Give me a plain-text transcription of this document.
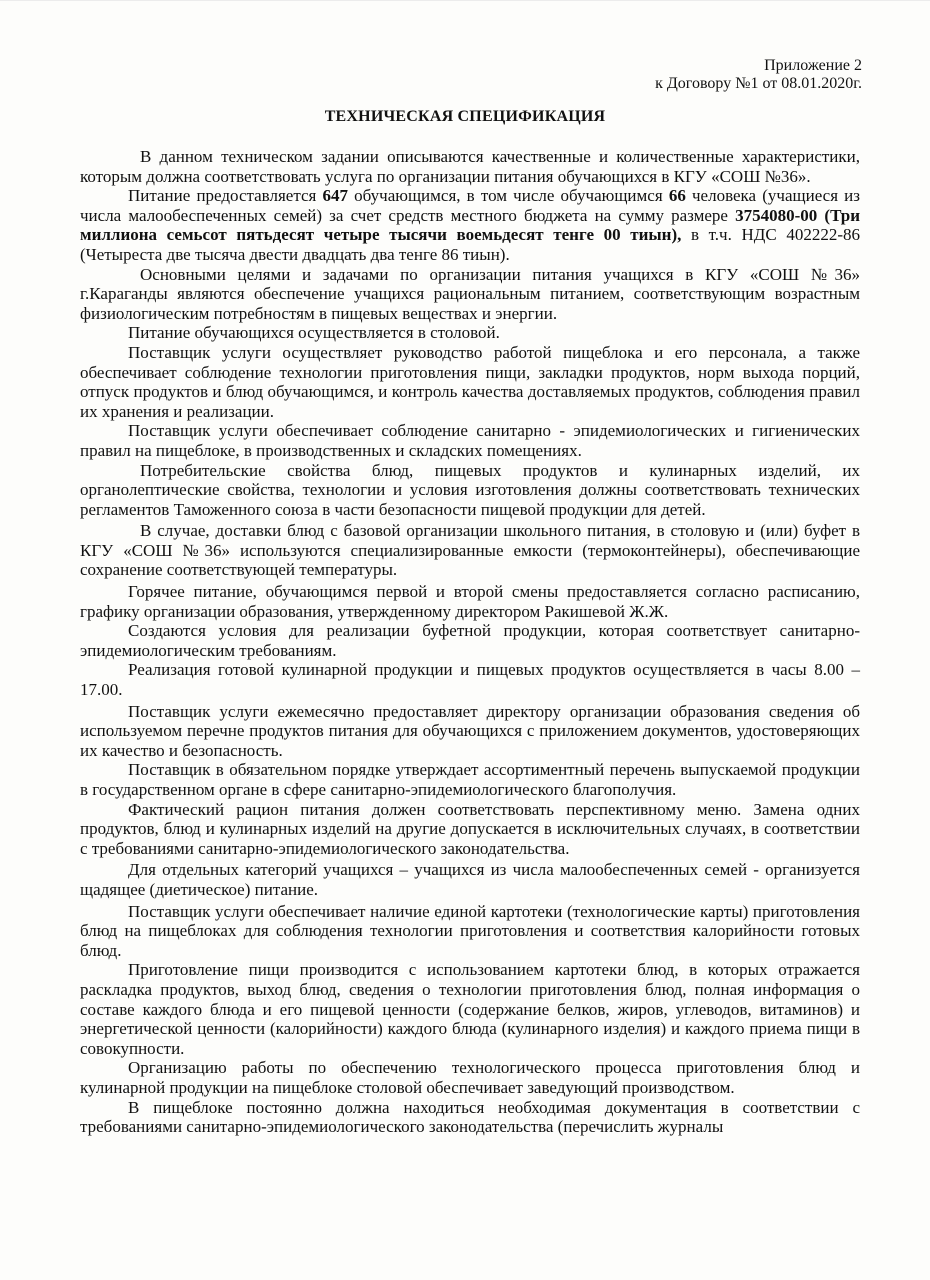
Приложение 2
к Договору №1 от 08.01.2020г.
ТЕХНИЧЕСКАЯ СПЕЦИФИКАЦИЯ

В данном техническом задании описываются качественные и количественные характеристики, которым должна соответствовать услуга по организации питания обучающихся в КГУ «СОШ №36».

Питание предоставляется 647 обучающимся, в том числе обучающимся 66 человека (учащиеся из числа малообеспеченных семей) за счет средств местного бюджета на сумму размере 3754080-00 (Три миллиона семьсот пятьдесят четыре тысячи воемьдесят тенге 00 тиын), в т.ч. НДС 402222-86 (Четыреста две тысяча двести двадцать два тенге 86 тиын).

Основными целями и задачами по организации питания учащихся в КГУ «СОШ №36» г.Караганды являются обеспечение учащихся рациональным питанием, соответствующим возрастным физиологическим потребностям в пищевых веществах и энергии.

Питание обучающихся осуществляется в столовой.

Поставщик услуги осуществляет руководство работой пищеблока и его персонала, а также обеспечивает соблюдение технологии приготовления пищи, закладки продуктов, норм выхода порций, отпуск продуктов и блюд обучающимся, и контроль качества доставляемых продуктов, соблюдения правил их хранения и реализации.

Поставщик услуги обеспечивает соблюдение санитарно - эпидемиологических и гигиенических правил на пищеблоке, в производственных и складских помещениях.

Потребительские свойства блюд, пищевых продуктов и кулинарных изделий, их органолептические свойства, технологии и условия изготовления должны соответствовать технических регламентов Таможенного союза в части безопасности пищевой продукции для детей.

В случае, доставки блюд с базовой организации школьного питания, в столовую и (или) буфет в КГУ «СОШ №36» используются специализированные емкости (термоконтейнеры), обеспечивающие сохранение соответствующей температуры.

Горячее питание, обучающимся первой и второй смены предоставляется согласно расписанию, графику организации образования, утвержденному директором Ракишевой Ж.Ж.

Создаются условия для реализации буфетной продукции, которая соответствует санитарно-эпидемиологическим требованиям.

Реализация готовой кулинарной продукции и пищевых продуктов осуществляется в часы 8.00 – 17.00.

Поставщик услуги ежемесячно предоставляет директору организации образования сведения об используемом перечне продуктов питания для обучающихся с приложением документов, удостоверяющих их качество и безопасность.

Поставщик в обязательном порядке утверждает ассортиментный перечень выпускаемой продукции в государственном органе в сфере санитарно-эпидемиологического благополучия.

Фактический рацион питания должен соответствовать перспективному меню. Замена одних продуктов, блюд и кулинарных изделий на другие допускается в исключительных случаях, в соответствии с требованиями санитарно-эпидемиологического законодательства.

Для отдельных категорий учащихся – учащихся из числа малообеспеченных семей - организуется щадящее (диетическое) питание.

Поставщик услуги обеспечивает наличие единой картотеки (технологические карты) приготовления блюд на пищеблоках для соблюдения технологии приготовления и соответствия калорийности готовых блюд.

Приготовление пищи производится с использованием картотеки блюд, в которых отражается раскладка продуктов, выход блюд, сведения о технологии приготовления блюд, полная информация о составе каждого блюда и его пищевой ценности (содержание белков, жиров, углеводов, витаминов) и энергетической ценности (калорийности) каждого блюда (кулинарного изделия) и каждого приема пищи в совокупности.

Организацию работы по обеспечению технологического процесса приготовления блюд и кулинарной продукции на пищеблоке столовой обеспечивает заведующий производством.

В пищеблоке постоянно должна находиться необходимая документация в соответствии с требованиями санитарно-эпидемиологического законодательства (перечислить журналы
